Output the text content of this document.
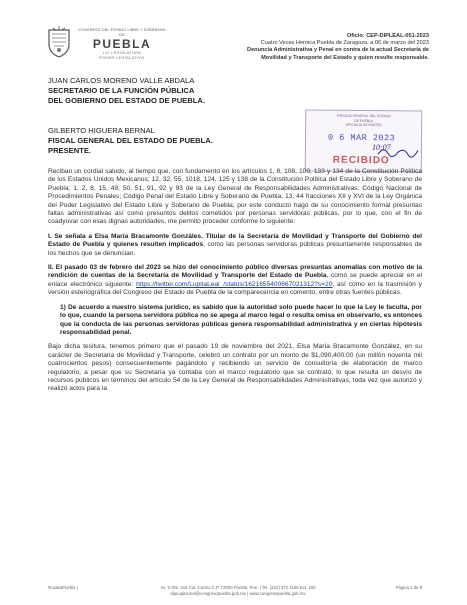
CONGRESO DEL ESTADO LIBRE Y SOBERANO DE
PUEBLA
LXI LEGISLATURA
PODER LEGISLATIVO
Oficio: CEP-DIPLEAL-051-2023
Cuatro Veces Heroica Puebla de Zaragoza, a 06 de marzo del 2023
Denuncia Administrativa y Penal en contra de la actual Secretaria de
Movilidad y Transporte del Estado y quien resulte responsable.
JUAN CARLOS MORENO VALLE ABDALA
SECRETARIO DE LA FUNCIÓN PÚBLICA
DEL GOBIERNO DEL ESTADO DE PUEBLA.
GILBERTO HIGUERA BERNAL
FISCAL GENERAL DEL ESTADO DE PUEBLA.
PRESENTE.
FISCALÍA GENERAL DEL ESTADO
DE PUEBLA
OFICIALÍA DE PARTES
0 6 MAR 2023
RECIBIDO
10:07

Reciban un cordial saludo, al tiempo que, con fundamento en los artículos 1, 8, 108, 109, 133 y 134 de la Constitución Política de los Estados Unidos Mexicanos; 12, 32, 55, 1018, 124, 125 y 138 de la Constitución Política del Estado Libre y Soberano de Puebla; 1, 2, 8, 15, 49, 50, 51, 91, 92 y 93 de la Ley General de Responsabilidades Administrativas; Código Nacional de Procedimientos Penales; Código Penal del Estado Libre y Soberano de Puebla; 13, 44 fracciones XII y XVI de la Ley Orgánica del Poder Legislativo del Estado Libre y Soberano de Puebla; por este conducto hago de su conocimiento formal presuntas faltas administrativas así como presuntos delitos cometidos por personas servidoras públicas, por lo que, con el fin de coadyuvar con esas dignas autoridades, me permito proceder conforme lo siguiente:

I. Se señala a Elsa María Bracamonte Gonzáles. Titular de la Secretaría de Movilidad y Transporte del Gobierno del Estado de Puebla y quienes resulten implicados, como las personas servidoras públicas presuntamente responsables de los hechos que se denuncian.

II. El pasado 03 de febrero del 2023 se hizo del conocimiento público diversas presuntas anomalías con motivo de la rendición de cuentas de la Secretaría de Movilidad y Transporte del Estado de Puebla, como se puede apreciar en el enlace electrónico siguiente: https://twitter.com/LupitaLeal_/status/1621655400667021312?s=20, así como en la trasmisión y versión estenográfica del Congreso del Estado de Puebla de la comparecencia en comento, entre otras fuentes públicas.

1) De acuerdo a nuestro sistema jurídico, es sabido que la autoridad solo puede hacer lo que la Ley le faculta, por lo que, cuando la persona servidora pública no se apega al marco legal o resulta omisa en observarlo, es entonces que la conducta de las personas servidoras públicas genera responsabilidad administrativa y en ciertas hipótesis responsabilidad penal.

Bajo dicha tesitura, tenemos primero que el pasado 19 de noviembre del 2021, Elsa María Bracamonte González, en su carácter de Secretaria de Movilidad y Transporte, celebró un contrato por un monto de $1,090,400.00 (un millón noventa mil cuatrocientos pesos) consecuentemente pagándolo y recibiendo un servicio de consultoría de elaboración de marco regulatorio, a pesar que su Secretaría ya contaba con el marco regulatorio que se contrató, lo que resulta un desvío de recursos públicos en términos del artículo 54 de la Ley General de Responsabilidades Administrativas, toda vez que autorizó y realizó actos para la

#LuakaPuebla |	Av. 5 Ote. 216 Col. Centro C.P. 72000 Puebla, Pue. | Tel. (222) 372 1100 Ext. 160
dipLupita.leal@congresopuebla.gob.mx | www.congresopuebla.gob.mx
Página 1 de 8
